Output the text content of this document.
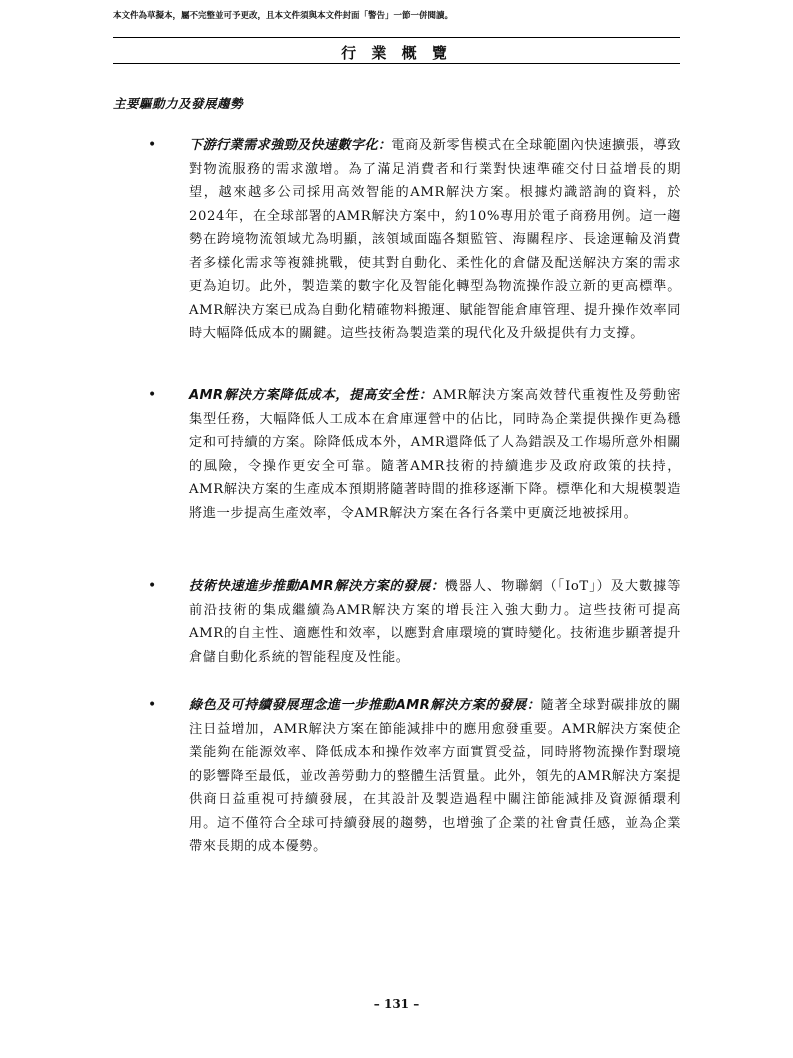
本文件為草擬本，屬不完整並可予更改，且本文件須與本文件封面「警告」一節一併閱讀。
行 業 概 覽
主要驅動力及發展趨勢
• 下游行業需求強勁及快速數字化：電商及新零售模式在全球範圍內快速擴張，導致對物流服務的需求激增。為了滿足消費者和行業對快速準確交付日益增長的期望，越來越多公司採用高效智能的AMR解決方案。根據灼識諮詢的資料，於2024年，在全球部署的AMR解決方案中，約10%專用於電子商務用例。這一趨勢在跨境物流領域尤為明顯，該領域面臨各類監管、海關程序、長途運輸及消費者多樣化需求等複雜挑戰，使其對自動化、柔性化的倉儲及配送解決方案的需求更為迫切。此外，製造業的數字化及智能化轉型為物流操作設立新的更高標準。AMR解決方案已成為自動化精確物料搬運、賦能智能倉庫管理、提升操作效率同時大幅降低成本的關鍵。這些技術為製造業的現代化及升級提供有力支撐。
• AMR解決方案降低成本，提高安全性：AMR解決方案高效替代重複性及勞動密集型任務，大幅降低人工成本在倉庫運營中的佔比，同時為企業提供操作更為穩定和可持續的方案。除降低成本外，AMR還降低了人為錯誤及工作場所意外相關的風險，令操作更安全可靠。隨著AMR技術的持續進步及政府政策的扶持，AMR解決方案的生產成本預期將隨著時間的推移逐漸下降。標準化和大規模製造將進一步提高生產效率，令AMR解決方案在各行各業中更廣泛地被採用。
• 技術快速進步推動AMR解決方案的發展：機器人、物聯網（「IoT」）及大數據等前沿技術的集成繼續為AMR解決方案的增長注入強大動力。這些技術可提高AMR的自主性、適應性和效率，以應對倉庫環境的實時變化。技術進步顯著提升倉儲自動化系統的智能程度及性能。
• 綠色及可持續發展理念進一步推動AMR解決方案的發展：隨著全球對碳排放的關注日益增加，AMR解決方案在節能減排中的應用愈發重要。AMR解決方案使企業能夠在能源效率、降低成本和操作效率方面實質受益，同時將物流操作對環境的影響降至最低，並改善勞動力的整體生活質量。此外，領先的AMR解決方案提供商日益重視可持續發展，在其設計及製造過程中關注節能減排及資源循環利用。這不僅符合全球可持續發展的趨勢，也增強了企業的社會責任感，並為企業帶來長期的成本優勢。
– 131 –
